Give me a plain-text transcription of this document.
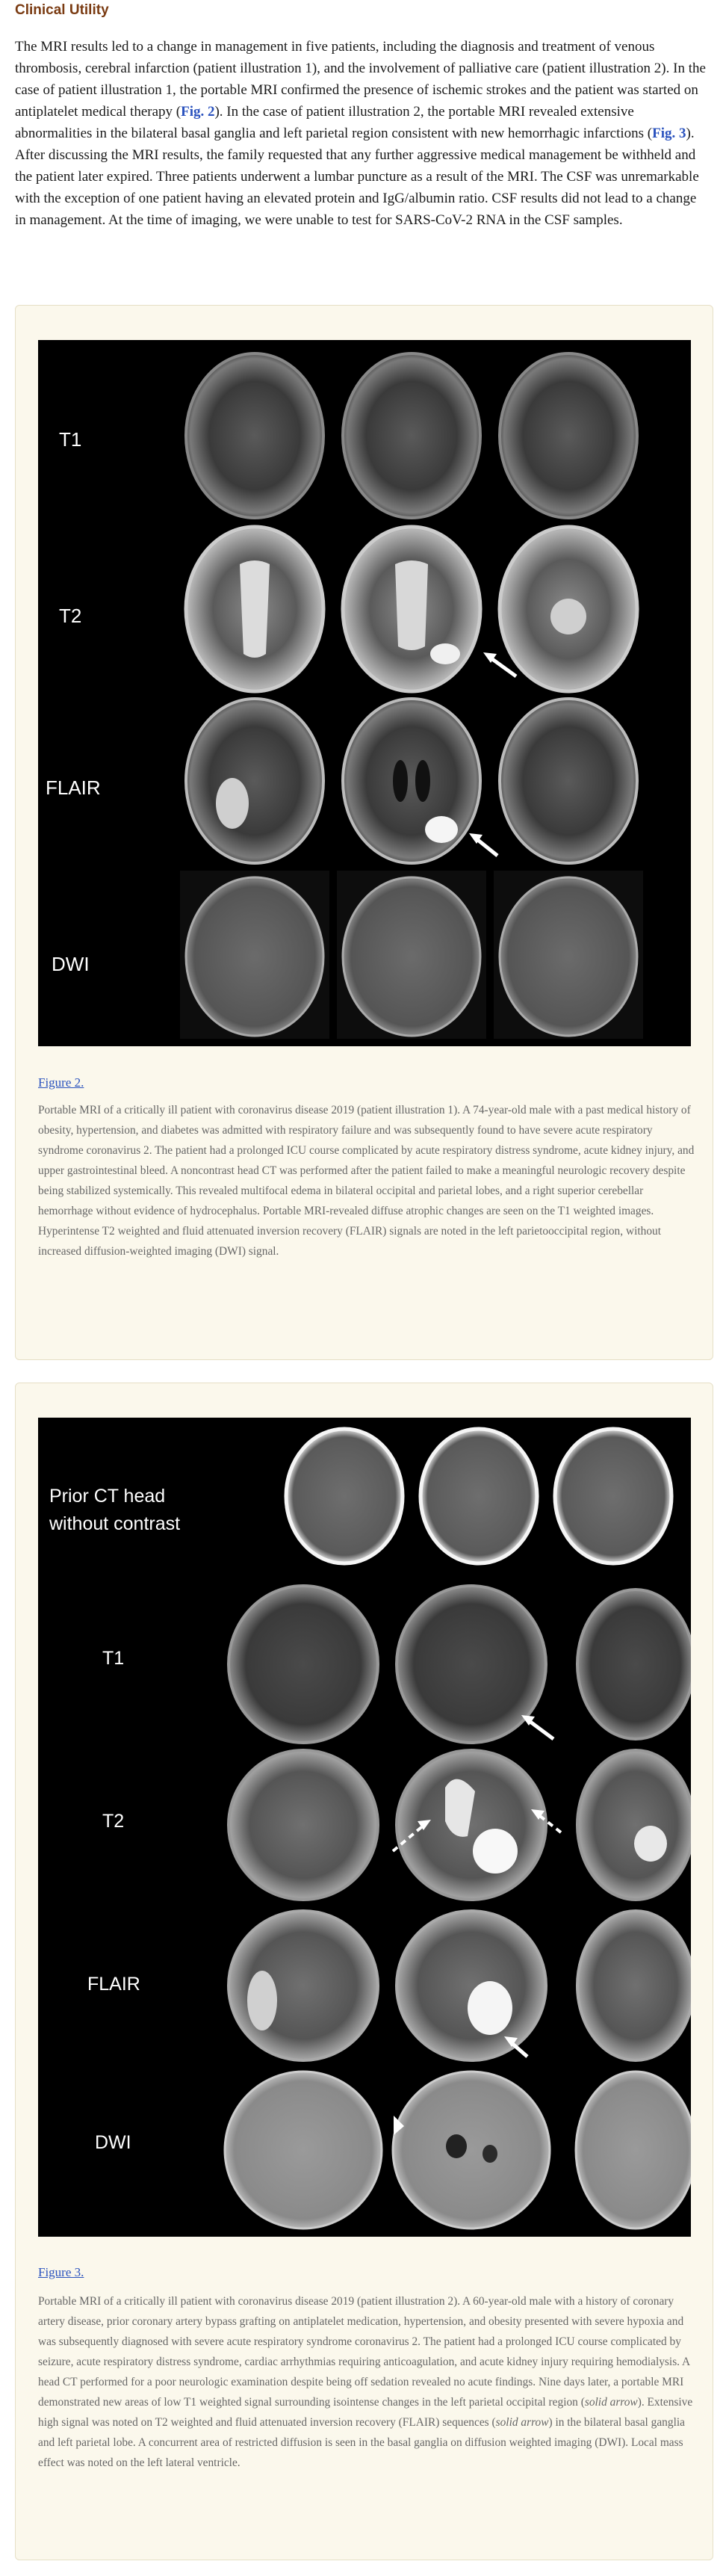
Clinical Utility

The MRI results led to a change in management in five patients, including the diagnosis and treatment of venous thrombosis, cerebral infarction (patient illustration 1), and the involvement of palliative care (patient illustration 2). In the case of patient illustration 1, the portable MRI confirmed the presence of ischemic strokes and the patient was started on antiplatelet medical therapy (Fig. 2). In the case of patient illustration 2, the portable MRI revealed extensive abnormalities in the bilateral basal ganglia and left parietal region consistent with new hemorrhagic infarctions (Fig. 3). After discussing the MRI results, the family requested that any further aggressive medical management be withheld and the patient later expired. Three patients underwent a lumbar puncture as a result of the MRI. The CSF was unremarkable with the exception of one patient having an elevated protein and IgG/albumin ratio. CSF results did not lead to a change in management. At the time of imaging, we were unable to test for SARS-CoV-2 RNA in the CSF samples.

T1
T2
FLAIR
DWI
Figure 2.

Portable MRI of a critically ill patient with coronavirus disease 2019 (patient illustration 1). A 74-year-old male with a past medical history of obesity, hypertension, and diabetes was admitted with respiratory failure and was subsequently found to have severe acute respiratory syndrome coronavirus 2. The patient had a prolonged ICU course complicated by acute respiratory distress syndrome, acute kidney injury, and upper gastrointestinal bleed. A noncontrast head CT was performed after the patient failed to make a meaningful neurologic recovery despite being stabilized systemically. This revealed multifocal edema in bilateral occipital and parietal lobes, and a right superior cerebellar hemorrhage without evidence of hydrocephalus. Portable MRI-revealed diffuse atrophic changes are seen on the T1 weighted images. Hyperintense T2 weighted and fluid attenuated inversion recovery (FLAIR) signals are noted in the left parietooccipital region, without increased diffusion-weighted imaging (DWI) signal.

Prior CT head
without contrast
T1
T2
FLAIR
DWI
Figure 3.

Portable MRI of a critically ill patient with coronavirus disease 2019 (patient illustration 2). A 60-year-old male with a history of coronary artery disease, prior coronary artery bypass grafting on antiplatelet medication, hypertension, and obesity presented with severe hypoxia and was subsequently diagnosed with severe acute respiratory syndrome coronavirus 2. The patient had a prolonged ICU course complicated by seizure, acute respiratory distress syndrome, cardiac arrhythmias requiring anticoagulation, and acute kidney injury requiring hemodialysis. A head CT performed for a poor neurologic examination despite being off sedation revealed no acute findings. Nine days later, a portable MRI demonstrated new areas of low T1 weighted signal surrounding isointense changes in the left parietal occipital region (solid arrow). Extensive high signal was noted on T2 weighted and fluid attenuated inversion recovery (FLAIR) sequences (solid arrow) in the bilateral basal ganglia and left parietal lobe. A concurrent area of restricted diffusion is seen in the basal ganglia on diffusion weighted imaging (DWI). Local mass effect was noted on the left lateral ventricle.
